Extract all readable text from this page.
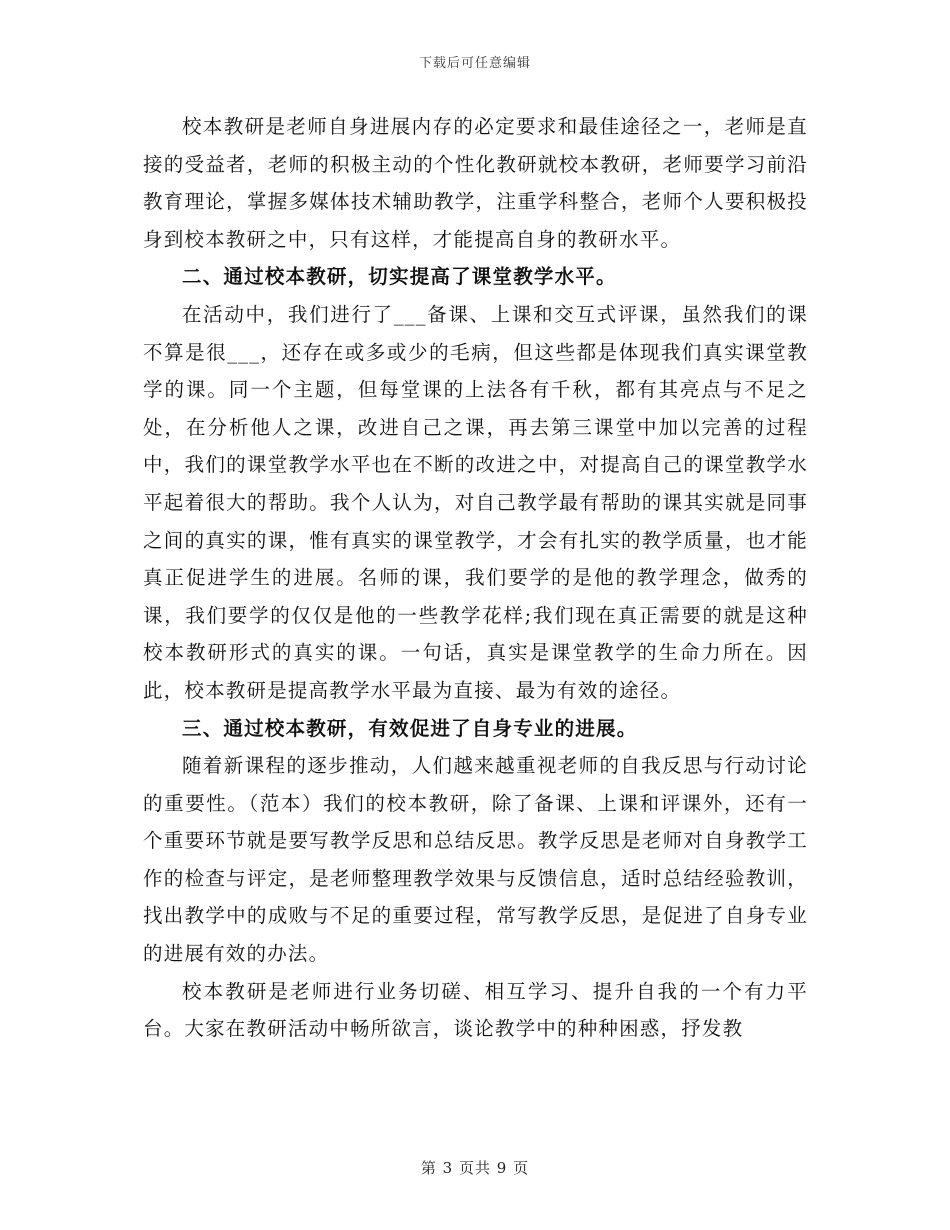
下载后可任意编辑

校本教研是老师自身进展内存的必定要求和最佳途径之一，老师是直接的受益者，老师的积极主动的个性化教研就校本教研，老师要学习前沿教育理论，掌握多媒体技术辅助教学，注重学科整合，老师个人要积极投身到校本教研之中，只有这样，才能提高自身的教研水平。

二、通过校本教研，切实提高了课堂教学水平。

在活动中，我们进行了___备课、上课和交互式评课，虽然我们的课不算是很___，还存在或多或少的毛病，但这些都是体现我们真实课堂教学的课。同一个主题，但每堂课的上法各有千秋，都有其亮点与不足之处，在分析他人之课，改进自己之课，再去第三课堂中加以完善的过程中，我们的课堂教学水平也在不断的改进之中，对提高自己的课堂教学水平起着很大的帮助。我个人认为，对自己教学最有帮助的课其实就是同事之间的真实的课，惟有真实的课堂教学，才会有扎实的教学质量，也才能真正促进学生的进展。名师的课，我们要学的是他的教学理念，做秀的课，我们要学的仅仅是他的一些教学花样;我们现在真正需要的就是这种校本教研形式的真实的课。一句话，真实是课堂教学的生命力所在。因此，校本教研是提高教学水平最为直接、最为有效的途径。

三、通过校本教研，有效促进了自身专业的进展。

随着新课程的逐步推动，人们越来越重视老师的自我反思与行动讨论的重要性。（范本）我们的校本教研，除了备课、上课和评课外，还有一个重要环节就是要写教学反思和总结反思。教学反思是老师对自身教学工作的检查与评定，是老师整理教学效果与反馈信息，适时总结经验教训，找出教学中的成败与不足的重要过程，常写教学反思，是促进了自身专业的进展有效的办法。

校本教研是老师进行业务切磋、相互学习、提升自我的一个有力平台。大家在教研活动中畅所欲言，谈论教学中的种种困惑，抒发教

第 3 页共 9 页
